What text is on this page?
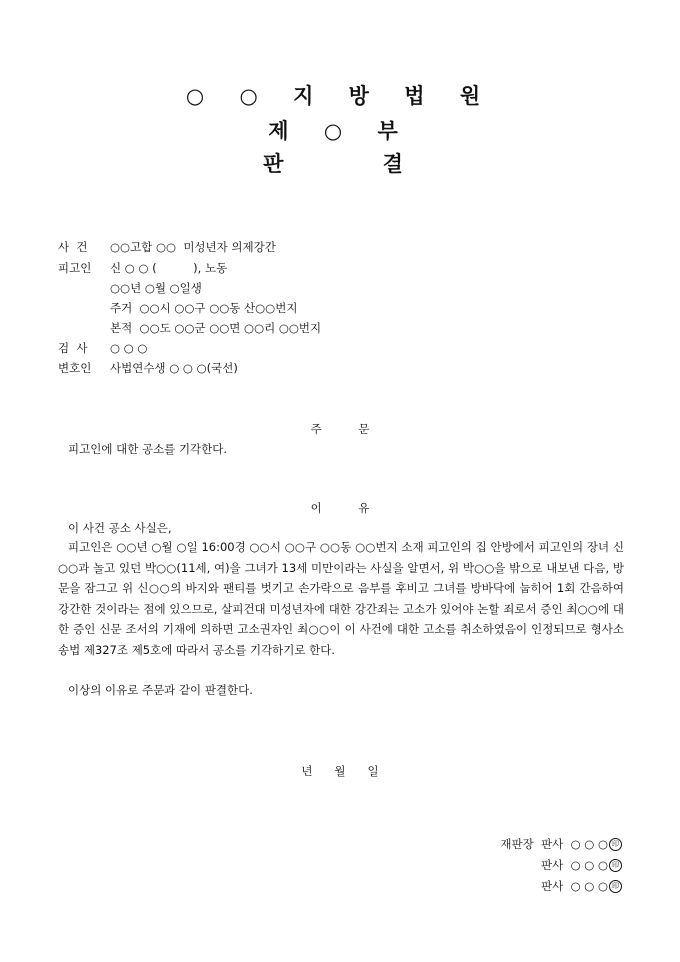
○ ○ 지 방 법 원
제 ○ 부
판    결
사  건 ○○고합 ○○  미성년자 의제강간
피고인 신 ○ ○ (          ), 노동
○○년 ○월 ○일생
주거  ○○시 ○○구 ○○동 산○○번지
본적  ○○도 ○○군 ○○면 ○○리 ○○번지
검  사 ○ ○ ○
변호인 사법연수생 ○ ○ ○(국선)
주          문
피고인에 대한 공소를 기각한다.
이          유
이 사건 공소 사실은,

피고인은 ○○년 ○월 ○일 16:00경 ○○시 ○○구 ○○동 ○○번지 소재 피고인의 집 안방에서 피고인의 장녀 신○○과 놀고 있던 박○○(11세, 여)을 그녀가 13세 미만이라는 사실을 알면서, 위 박○○을 밖으로 내보낸 다음, 방문을 잠그고 위 신○○의 바지와 팬티를 벗기고 손가락으로 음부를 후비고 그녀를 방바닥에 눕히어 1회 간음하여 강간한 것이라는 점에 있으므로, 살피건대 미성년자에 대한 강간죄는 고소가 있어야 논할 죄로서 증인 최○○에 대한 증인 신문 조서의 기재에 의하면 고소권자인 최○○이 이 사건에 대한 고소를 취소하였음이 인정되므로 형사소송법 제327조 제5호에 따라서 공소를 기각하기로 한다.

이상의 이유로 주문과 같이 판결한다.
년      월      일

재판장  판사 ○ ○ ○ 印

판사 ○ ○ ○ 印

판사 ○ ○ ○ 印
